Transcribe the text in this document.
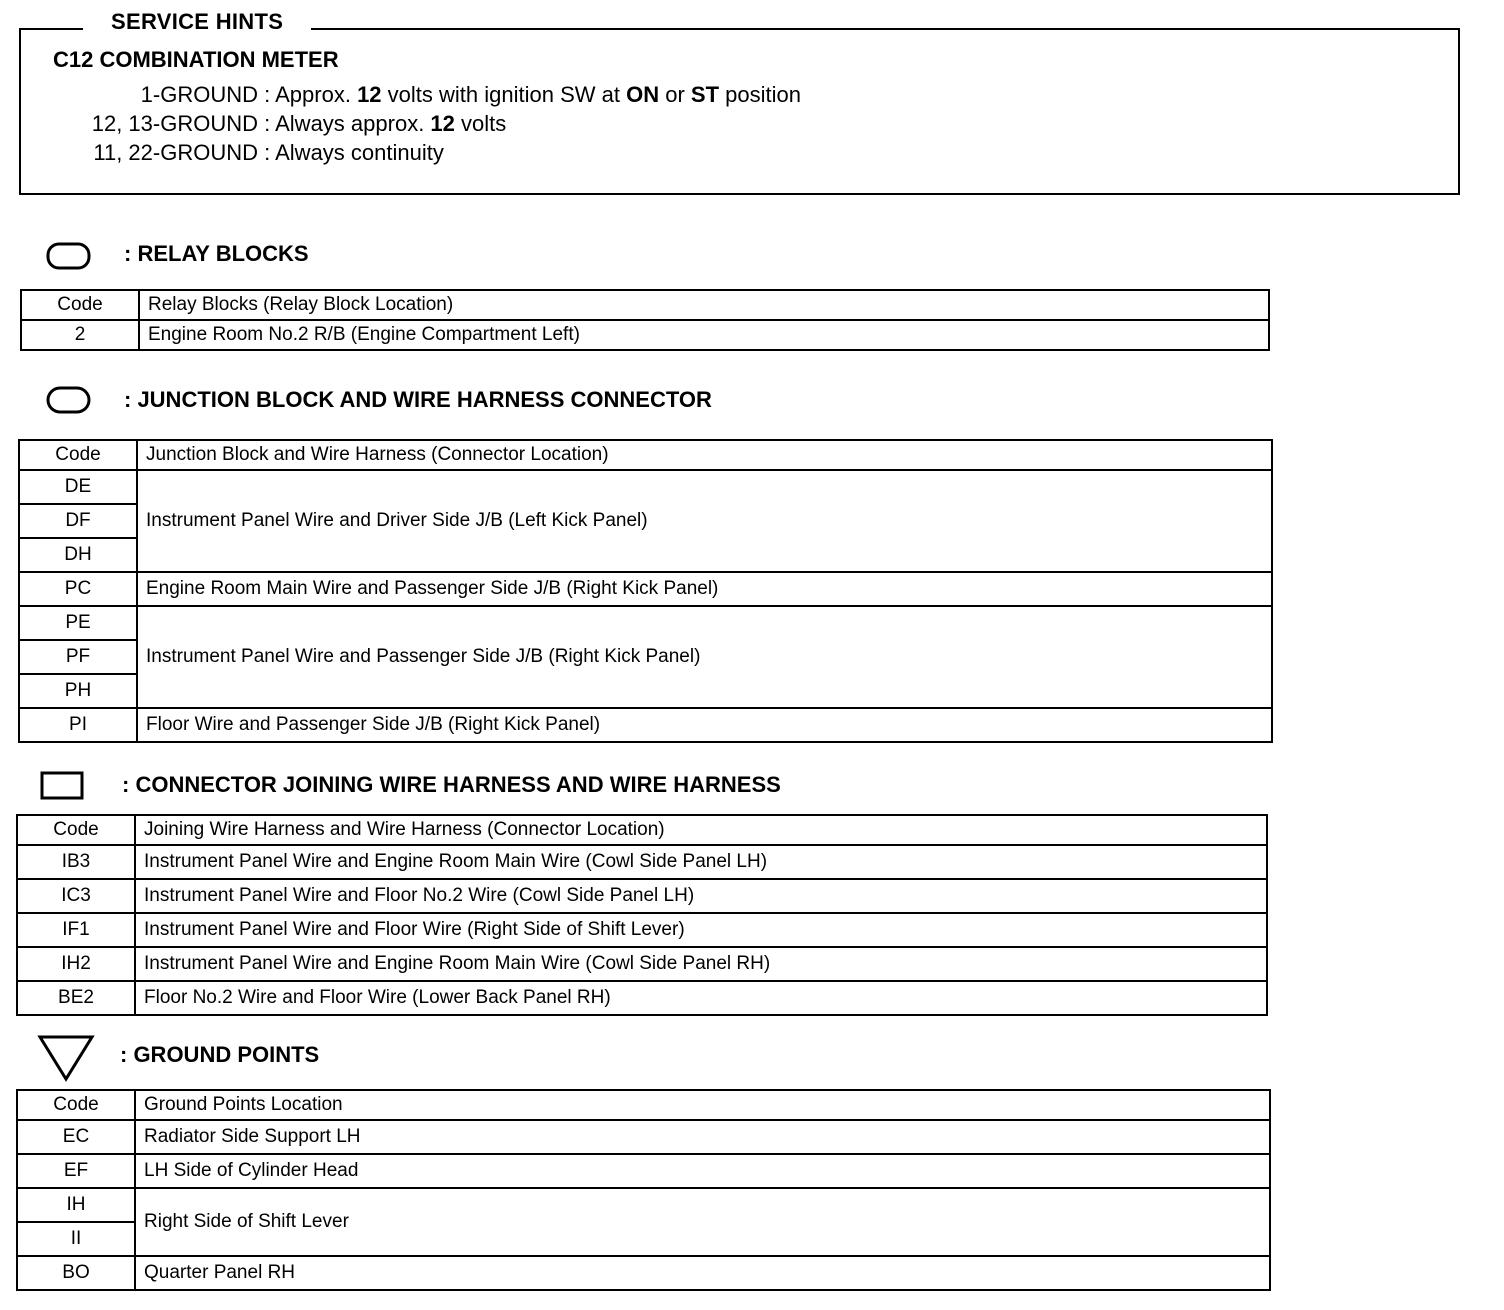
SERVICE HINTS
C12 COMBINATION METER
1-GROUND : Approx. 12 volts with ignition SW at ON or ST position
12, 13-GROUND : Always approx. 12 volts
11, 22-GROUND : Always continuity
: RELAY BLOCKS
Code	Relay Blocks (Relay Block Location)
2	Engine Room No.2 R/B (Engine Compartment Left)
: JUNCTION BLOCK AND WIRE HARNESS CONNECTOR
Code	Junction Block and Wire Harness (Connector Location)
DE	Instrument Panel Wire and Driver Side J/B (Left Kick Panel)
DF	
DH	
PC	Engine Room Main Wire and Passenger Side J/B (Right Kick Panel)
PE	Instrument Panel Wire and Passenger Side J/B (Right Kick Panel)
PF	
PH	
PI	Floor Wire and Passenger Side J/B (Right Kick Panel)
: CONNECTOR JOINING WIRE HARNESS AND WIRE HARNESS
Code	Joining Wire Harness and Wire Harness (Connector Location)
IB3	Instrument Panel Wire and Engine Room Main Wire (Cowl Side Panel LH)
IC3	Instrument Panel Wire and Floor No.2 Wire (Cowl Side Panel LH)
IF1	Instrument Panel Wire and Floor Wire (Right Side of Shift Lever)
IH2	Instrument Panel Wire and Engine Room Main Wire (Cowl Side Panel RH)
BE2	Floor No.2 Wire and Floor Wire (Lower Back Panel RH)
: GROUND POINTS
Code	Ground Points Location
EC	Radiator Side Support LH
EF	LH Side of Cylinder Head
IH	Right Side of Shift Lever
II	
BO	Quarter Panel RH
